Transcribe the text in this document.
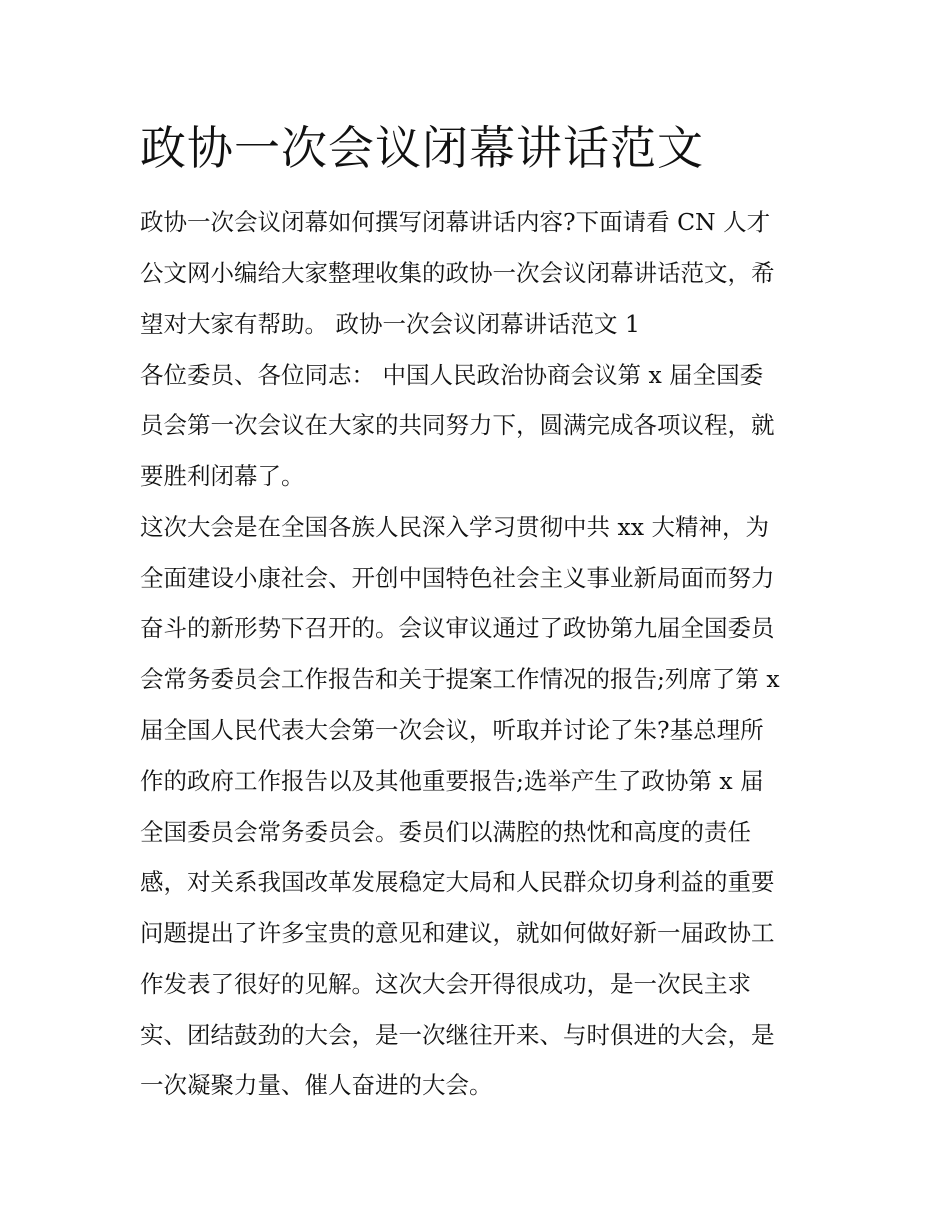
政协一次会议闭幕讲话范文

政协一次会议闭幕如何撰写闭幕讲话内容?下面请看 CN 人才

公文网小编给大家整理收集的政协一次会议闭幕讲话范文，希

望对大家有帮助。 政协一次会议闭幕讲话范文 1

各位委员、各位同志： 中国人民政治协商会议第 x 届全国委

员会第一次会议在大家的共同努力下，圆满完成各项议程，就

要胜利闭幕了。

这次大会是在全国各族人民深入学习贯彻中共 xx 大精神，为

全面建设小康社会、开创中国特色社会主义事业新局面而努力

奋斗的新形势下召开的。会议审议通过了政协第九届全国委员

会常务委员会工作报告和关于提案工作情况的报告;列席了第 x

届全国人民代表大会第一次会议，听取并讨论了朱?基总理所

作的政府工作报告以及其他重要报告;选举产生了政协第 x 届

全国委员会常务委员会。委员们以满腔的热忱和高度的责任

感，对关系我国改革发展稳定大局和人民群众切身利益的重要

问题提出了许多宝贵的意见和建议，就如何做好新一届政协工

作发表了很好的见解。这次大会开得很成功，是一次民主求

实、团结鼓劲的大会，是一次继往开来、与时俱进的大会，是

一次凝聚力量、催人奋进的大会。
